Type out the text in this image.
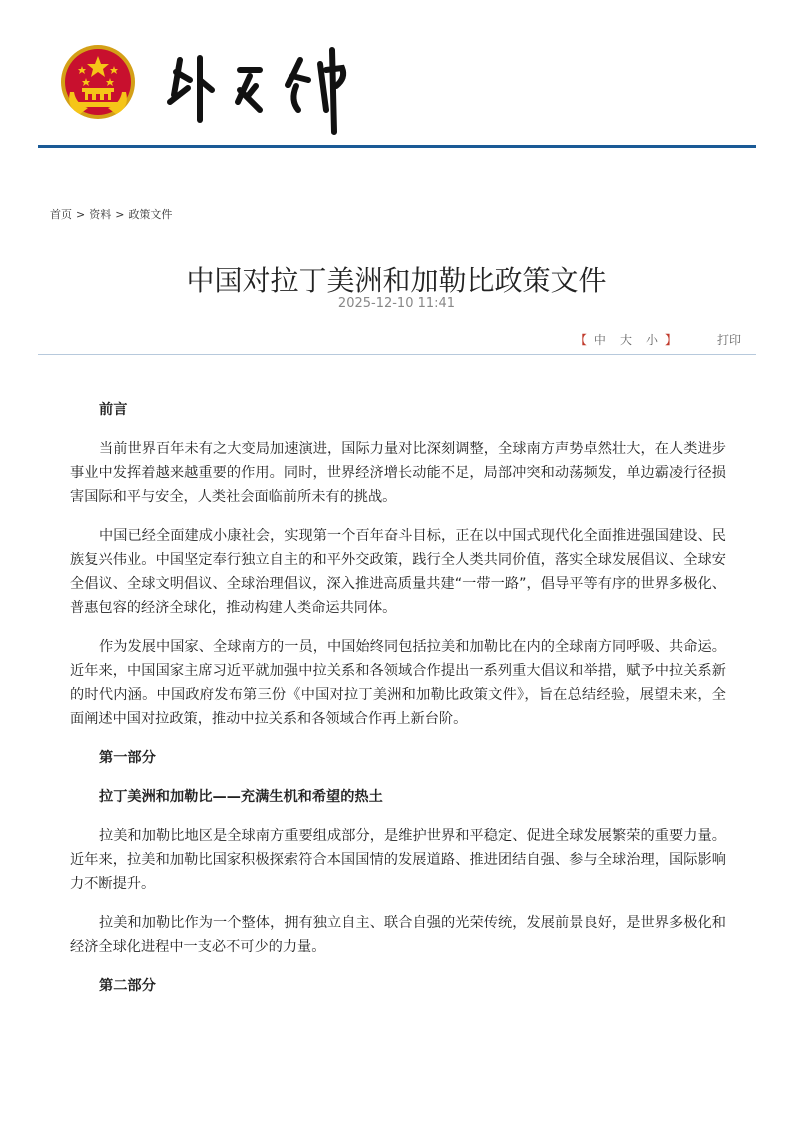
首页 > 资料 > 政策文件
中国对拉丁美洲和加勒比政策文件
2025-12-10 11:41
【 中 大 小 】	打印

前言

当前世界百年未有之大变局加速演进，国际力量对比深刻调整，全球南方声势卓然壮大，在人类进步事业中发挥着越来越重要的作用。同时，世界经济增长动能不足，局部冲突和动荡频发，单边霸凌行径损害国际和平与安全，人类社会面临前所未有的挑战。

中国已经全面建成小康社会，实现第一个百年奋斗目标，正在以中国式现代化全面推进强国建设、民族复兴伟业。中国坚定奉行独立自主的和平外交政策，践行全人类共同价值，落实全球发展倡议、全球安全倡议、全球文明倡议、全球治理倡议，深入推进高质量共建“一带一路”，倡导平等有序的世界多极化、普惠包容的经济全球化，推动构建人类命运共同体。

作为发展中国家、全球南方的一员，中国始终同包括拉美和加勒比在内的全球南方同呼吸、共命运。近年来，中国国家主席习近平就加强中拉关系和各领域合作提出一系列重大倡议和举措，赋予中拉关系新的时代内涵。中国政府发布第三份《中国对拉丁美洲和加勒比政策文件》，旨在总结经验，展望未来，全面阐述中国对拉政策，推动中拉关系和各领域合作再上新台阶。

第一部分

拉丁美洲和加勒比——充满生机和希望的热土

拉美和加勒比地区是全球南方重要组成部分，是维护世界和平稳定、促进全球发展繁荣的重要力量。近年来，拉美和加勒比国家积极探索符合本国国情的发展道路、推进团结自强、参与全球治理，国际影响力不断提升。

拉美和加勒比作为一个整体，拥有独立自主、联合自强的光荣传统，发展前景良好，是世界多极化和经济全球化进程中一支必不可少的力量。

第二部分
